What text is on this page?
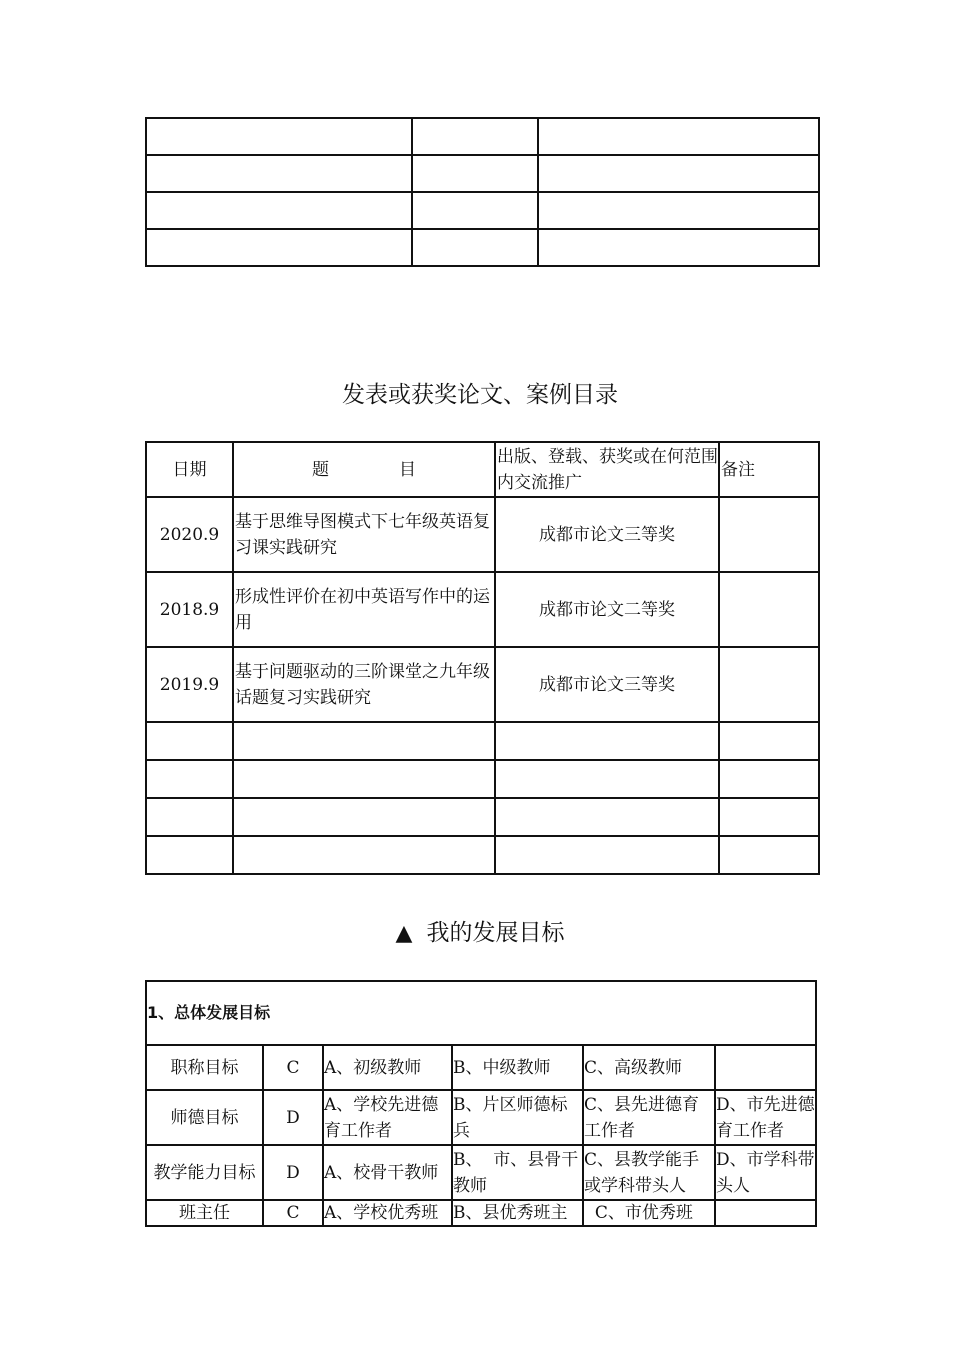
发表或获奖论文、案例目录
日期	题 目	出版、登载、获奖或在何范围内交流推广	备注
2020.9	基于思维导图模式下七年级英语复习课实践研究	成都市论文三等奖	
2018.9	形成性评价在初中英语写作中的运用	成都市论文二等奖	
2019.9	基于问题驱动的三阶课堂之九年级话题复习实践研究	成都市论文三等奖	

▲ 我的发展目标
1、总体发展目标					
职称目标	C	A、初级教师	B、中级教师	C、高级教师	
师德目标	D	A、学校先进德育工作者	B、片区师德标兵	C、县先进德育工作者	D、市先进德育工作者
教学能力目标	D	A、校骨干教师	B、  市、县骨干教师	C、县教学能手或学科带头人	D、市学科带头人
班主任	C	A、学校优秀班	B、县优秀班主	C、市优秀班	
